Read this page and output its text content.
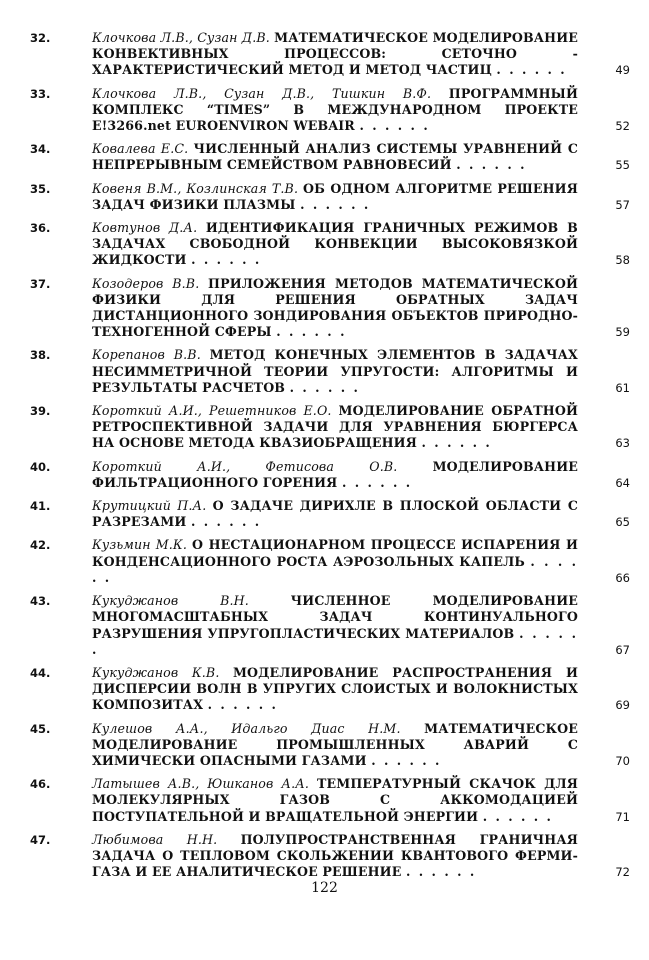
32.	Клочкова Л.В., Сузан Д.В. МАТЕМАТИЧЕСКОЕ МОДЕЛИРОВАНИЕ КОНВЕКТИВНЫХ ПРОЦЕССОВ: СЕТОЧНО - ХАРАКТЕРИСТИЧЕСКИЙ МЕТОД И МЕТОД ЧАСТИЦ . . . . . .	49
33.	Клочкова Л.В., Сузан Д.В., Тишкин В.Ф. ПРОГРАММНЫЙ КОМПЛЕКС “TIMES” В МЕЖДУНАРОДНОМ ПРОЕКТЕ E!3266.net EUROENVIRON WEBAIR . . . . . .	52
34.	Ковалева Е.С. ЧИСЛЕННЫЙ АНАЛИЗ СИСТЕМЫ УРАВНЕНИЙ С НЕПРЕРЫВНЫМ СЕМЕЙСТВОМ РАВНОВЕСИЙ . . . . . .	55
35.	Ковеня В.М., Козлинская Т.В. ОБ ОДНОМ АЛГОРИТМЕ РЕШЕНИЯ ЗАДАЧ ФИЗИКИ ПЛАЗМЫ . . . . . .	57
36.	Ковтунов Д.А. ИДЕНТИФИКАЦИЯ ГРАНИЧНЫХ РЕЖИМОВ В ЗАДАЧАХ СВОБОДНОЙ КОНВЕКЦИИ ВЫСОКОВЯЗКОЙ ЖИДКОСТИ . . . . . .	58
37.	Козодеров В.В. ПРИЛОЖЕНИЯ МЕТОДОВ МАТЕМАТИЧЕСКОЙ ФИЗИКИ ДЛЯ РЕШЕНИЯ ОБРАТНЫХ ЗАДАЧ ДИСТАНЦИОННОГО ЗОНДИРОВАНИЯ ОБЪЕКТОВ ПРИРОДНО-ТЕХНОГЕННОЙ СФЕРЫ . . . . . .	59
38.	Корепанов В.В. МЕТОД КОНЕЧНЫХ ЭЛЕМЕНТОВ В ЗАДАЧАХ НЕСИММЕТРИЧНОЙ ТЕОРИИ УПРУГОСТИ: АЛГОРИТМЫ И РЕЗУЛЬТАТЫ РАСЧЕТОВ . . . . . .	61
39.	Короткий А.И., Решетников Е.О. МОДЕЛИРОВАНИЕ ОБРАТНОЙ РЕТРОСПЕКТИВНОЙ ЗАДАЧИ ДЛЯ УРАВНЕНИЯ БЮРГЕРСА НА ОСНОВЕ МЕТОДА КВАЗИОБРАЩЕНИЯ . . . . . .	63
40.	Короткий А.И., Фетисова О.В. МОДЕЛИРОВАНИЕ ФИЛЬТРАЦИОННОГО ГОРЕНИЯ . . . . . .	64
41.	Крутицкий П.А. О ЗАДАЧЕ ДИРИХЛЕ В ПЛОСКОЙ ОБЛАСТИ С РАЗРЕЗАМИ . . . . . .	65
42.	Кузьмин М.К. О НЕСТАЦИОНАРНОМ ПРОЦЕССЕ ИСПАРЕНИЯ И КОНДЕНСАЦИОННОГО РОСТА АЭРОЗОЛЬНЫХ КАПЕЛЬ . . . . . .	66
43.	Кукуджанов В.Н. ЧИСЛЕННОЕ МОДЕЛИРОВАНИЕ МНОГОМАСШТАБНЫХ ЗАДАЧ КОНТИНУАЛЬНОГО РАЗРУШЕНИЯ УПРУГОПЛАСТИЧЕСКИХ МАТЕРИАЛОВ . . . . . .	67
44.	Кукуджанов К.В. МОДЕЛИРОВАНИЕ РАСПРОСТРАНЕНИЯ И ДИСПЕРСИИ ВОЛН В УПРУГИХ СЛОИСТЫХ И ВОЛОКНИСТЫХ КОМПОЗИТАХ . . . . . .	69
45.	Кулешов А.А., Идальго Диас Н.М. МАТЕМАТИЧЕСКОЕ МОДЕЛИРОВАНИЕ ПРОМЫШЛЕННЫХ АВАРИЙ С ХИМИЧЕСКИ ОПАСНЫМИ ГАЗАМИ . . . . . .	70
46.	Латышев А.В., Юшканов А.А. ТЕМПЕРАТУРНЫЙ СКАЧОК ДЛЯ МОЛЕКУЛЯРНЫХ ГАЗОВ С АККОМОДАЦИЕЙ ПОСТУПАТЕЛЬНОЙ И ВРАЩАТЕЛЬНОЙ ЭНЕРГИИ . . . . . .	71
47.	Любимова Н.Н. ПОЛУПРОСТРАНСТВЕННАЯ ГРАНИЧНАЯ ЗАДАЧА О ТЕПЛОВОМ СКОЛЬЖЕНИИ КВАНТОВОГО ФЕРМИ-ГАЗА И ЕЕ АНАЛИТИЧЕСКОЕ РЕШЕНИЕ . . . . . .	72
122
